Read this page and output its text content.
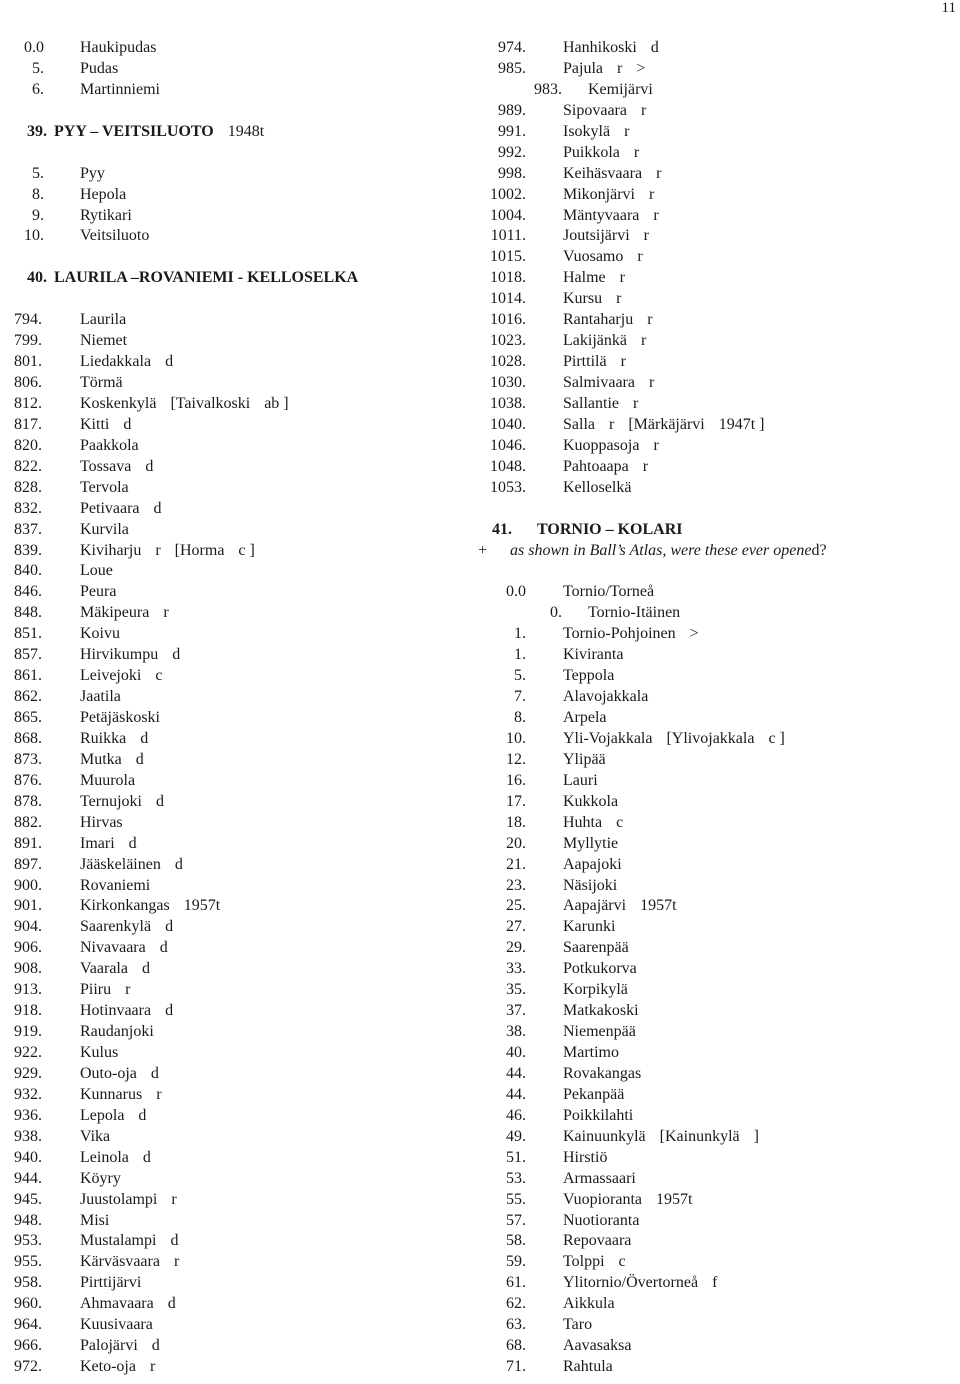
11
0.0 Haukipudas
5. Pudas
6. Martinniemi
39. PYY – VEITSILUOTO 1948t
5. Pyy
8. Hepola
9. Rytikari
10. Veitsiluoto
40. LAURILA –ROVANIEMI - KELLOSELKA
794. Laurila
799. Niemet
801. Liedakkala d
806. Törmä
812. Koskenkylä [Taivalkoski ab ]
817. Kitti d
820. Paakkola
822. Tossava d
828. Tervola
832. Petivaara d
837. Kurvila
839. Kiviharju r [Horma c ]
840. Loue
846. Peura
848. Mäkipeura r
851. Koivu
857. Hirvikumpu d
861. Leivejoki c
862. Jaatila
865. Petäjäskoski
868. Ruikka d
873. Mutka d
876. Muurola
878. Ternujoki d
882. Hirvas
891. Imari d
897. Jääskeläinen d
900. Rovaniemi
901. Kirkonkangas 1957t
904. Saarenkylä d
906. Nivavaara d
908. Vaarala d
913. Piiru r
918. Hotinvaara d
919. Raudanjoki
922. Kulus
929. Outo-oja d
932. Kunnarus r
936. Lepola d
938. Vika
940. Leinola d
944. Köyry
945. Juustolampi r
948. Misi
953. Mustalampi d
955. Kärväsvaara r
958. Pirttijärvi
960. Ahmavaara d
964. Kuusivaara
966. Palojärvi d
972. Keto-oja r
974. Hanhikoski d
985. Pajula r >
983. Kemijärvi
989. Sipovaara r
991. Isokylä r
992. Puikkola r
998. Keihäsvaara r
1002. Mikonjärvi r
1004. Mäntyvaara r
1011. Joutsijärvi r
1015. Vuosamo r
1018. Halme r
1014. Kursu r
1016. Rantaharju r
1023. Lakijänkä r
1028. Pirttilä r
1030. Salmivaara r
1038. Sallantie r
1040. Salla r [Märkäjärvi 1947t ]
1046. Kuoppasoja r
1048. Pahtoaapa r
1053. Kelloselkä
41. TORNIO – KOLARI
+	as shown in Ball’s Atlas, were these ever opened?
0.0 Tornio/Torneå
0. Tornio-Itäinen
1. Tornio-Pohjoinen >
1. Kiviranta
5. Teppola
7. Alavojakkala
8. Arpela
10. Yli-Vojakkala [Ylivojakkala c ]
12. Ylipää
16. Lauri
17. Kukkola
18. Huhta c
20. Myllytie
21. Aapajoki
23. Näsijoki
25. Aapajärvi 1957t
27. Karunki
29. Saarenpää
33. Potkukorva
35. Korpikylä
37. Matkakoski
38. Niemenpää
40. Martimo
44. Rovakangas
44. Pekanpää
46. Poikkilahti
49. Kainuunkylä [Kainunkylä ]
51. Hirstiö
53. Armassaari
55. Vuopioranta 1957t
57. Nuotioranta
58. Repovaara
59. Tolppi c
61. Ylitornio/Övertorneå f
62. Aikkula
63. Taro
68. Aavasaksa
71. Rahtula
